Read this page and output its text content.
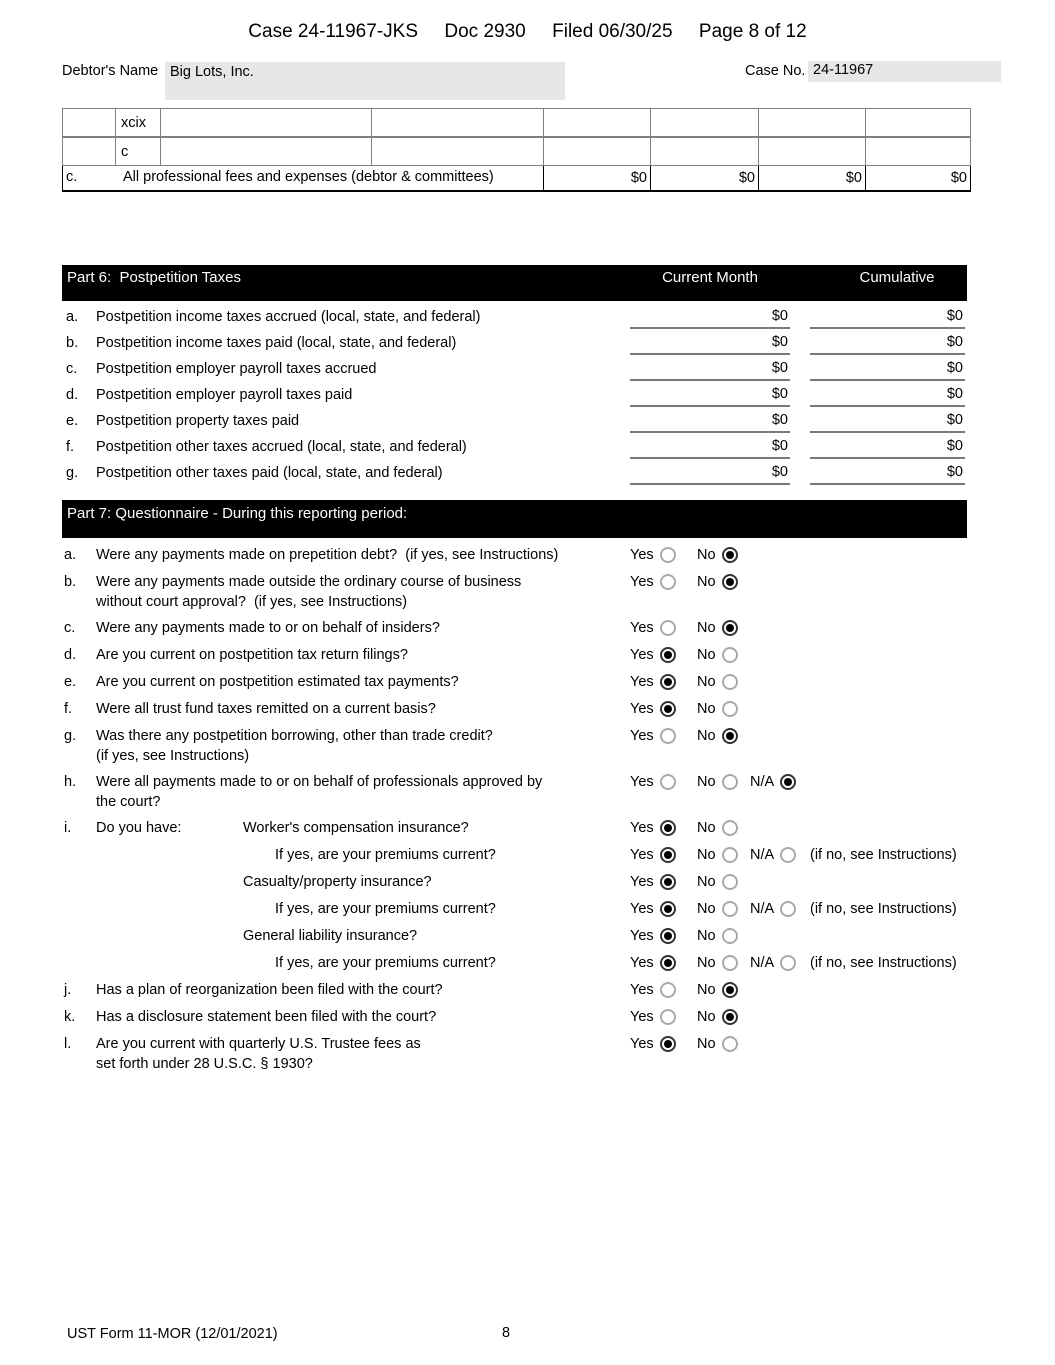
Case 24-11967-JKS     Doc 2930     Filed 06/30/25     Page 8 of 12
Debtor's Name Big Lots, Inc.	Case No. 24-11967
	xcix						
	c						

c. All professional fees and expenses (debtor & committees)				$0	$0	$0	$0
Part 6:  Postpetition Taxes	Current Month	Cumulative
a. Postpetition income taxes accrued (local, state, and federal)	$0	$0
b. Postpetition income taxes paid (local, state, and federal)	$0	$0
c. Postpetition employer payroll taxes accrued	$0	$0
d. Postpetition employer payroll taxes paid	$0	$0
e. Postpetition property taxes paid	$0	$0
f. Postpetition other taxes accrued (local, state, and federal)	$0	$0
g. Postpetition other taxes paid (local, state, and federal)	$0	$0
Part 7: Questionnaire - During this reporting period:
a. Were any payments made on prepetition debt?  (if yes, see Instructions)	Yes	No
b. Were any payments made outside the ordinary course of business
without court approval?  (if yes, see Instructions)
Yes	No
c. Were any payments made to or on behalf of insiders?	Yes	No
d. Are you current on postpetition tax return filings?	Yes	No
e. Are you current on postpetition estimated tax payments?	Yes	No
f. Were all trust fund taxes remitted on a current basis?	Yes	No
g. Was there any postpetition borrowing, other than trade credit?
(if yes, see Instructions)
Yes	No
h. Were all payments made to or on behalf of professionals approved by
the court?
Yes	No	N/A
i. Do you have:	Worker's compensation insurance?	Yes	No
If yes, are your premiums current?	Yes	No	N/A	(if no, see Instructions)
Casualty/property insurance?	Yes	No
If yes, are your premiums current?	Yes	No	N/A	(if no, see Instructions)
General liability insurance?	Yes	No
If yes, are your premiums current?	Yes	No	N/A	(if no, see Instructions)
j. Has a plan of reorganization been filed with the court?	Yes	No
k. Has a disclosure statement been filed with the court?	Yes	No
l. Are you current with quarterly U.S. Trustee fees as
set forth under 28 U.S.C. § 1930?
Yes	No
UST Form 11-MOR (12/01/2021)	8
